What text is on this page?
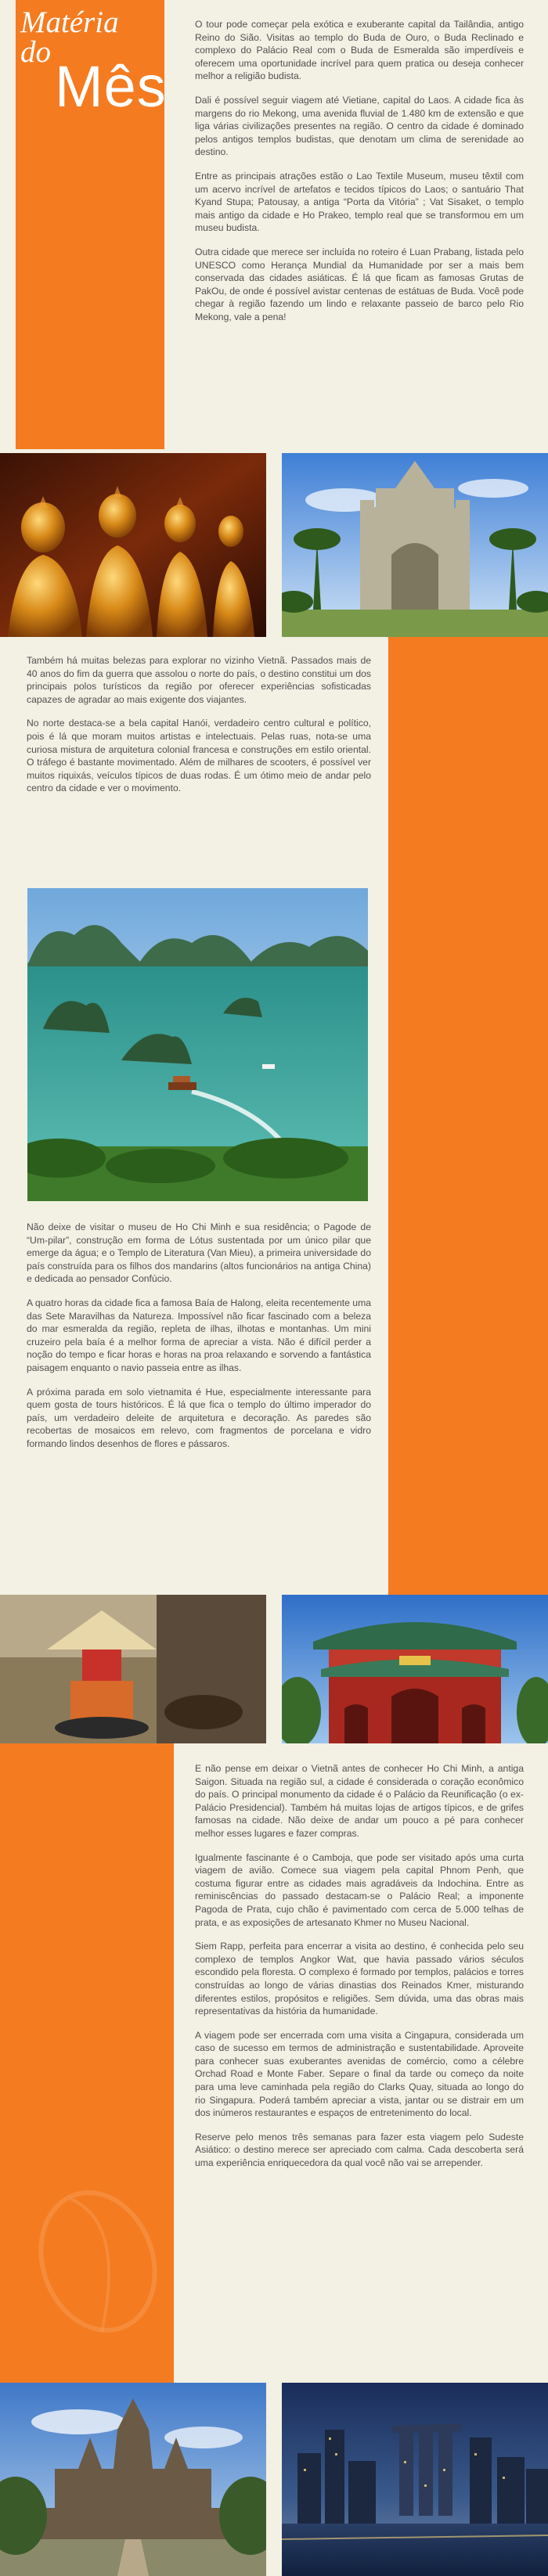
Matéria
do
Mês

O tour pode começar pela exótica e exuberante capital da Tailândia, antigo Reino do Sião. Visitas ao templo do Buda de Ouro, o Buda Reclinado e complexo do Palácio Real com o Buda de Esmeralda são imperdíveis e oferecem uma oportunidade incrível para quem pratica ou deseja conhecer melhor a religião budista.

Dali é possível seguir viagem até Vietiane, capital do Laos. A cidade fica às margens do rio Mekong, uma avenida fluvial de 1.480 km de extensão e que liga várias civilizações presentes na região. O centro da cidade é dominado pelos antigos templos budistas, que denotam um clima de serenidade ao destino.

Entre as principais atrações estão o Lao Textile Museum, museu têxtil com um acervo incrível de artefatos e tecidos típicos do Laos; o santuário That Kyand Stupa; Patousay, a antiga “Porta da Vitória” ; Vat Sisaket, o templo mais antigo da cidade e Ho Prakeo, templo real que se transformou em um museu budista.

Outra cidade que merece ser incluída no roteiro é Luan Prabang, listada pelo UNESCO como Herança Mundial da Humanidade por ser a mais bem conservada das cidades asiáticas. É lá que ficam as famosas Grutas de PakOu, de onde é possível avistar centenas de estátuas de Buda. Você pode chegar à região fazendo um lindo e relaxante passeio de barco pelo Rio Mekong, vale a pena!

Também há muitas belezas para explorar no vizinho Vietnã. Passados mais de 40 anos do fim da guerra que assolou o norte do país, o destino constitui um dos principais polos turísticos da região por oferecer experiências sofisticadas capazes de agradar ao mais exigente dos viajantes.

No norte destaca-se a bela capital Hanói, verdadeiro centro cultural e político, pois é lá que moram muitos artistas e intelectuais. Pelas ruas, nota-se uma curiosa mistura de arquitetura colonial francesa e construções em estilo oriental. O tráfego é bastante movimentado. Além de milhares de scooters, é possível ver muitos riquixás, veículos típicos de duas rodas. É um ótimo meio de andar pelo centro da cidade e ver o movimento.

Não deixe de visitar o museu de Ho Chi Minh e sua residência; o Pagode de “Um-pilar”, construção em forma de Lótus sustentada por um único pilar que emerge da água; e o Templo de Literatura (Van Mieu), a primeira universidade do país construída para os filhos dos mandarins (altos funcionários na antiga China) e dedicada ao pensador Confúcio.

A quatro horas da cidade fica a famosa Baía de Halong, eleita recentemente uma das Sete Maravilhas da Natureza. Impossível não ficar fascinado com a beleza do mar esmeralda da região, repleta de ilhas, ilhotas e montanhas. Um mini cruzeiro pela baía é a melhor forma de apreciar a vista. Não é difícil perder a noção do tempo e ficar horas e horas na proa relaxando e sorvendo a fantástica paisagem enquanto o navio passeia entre as ilhas.

A próxima parada em solo vietnamita é Hue, especialmente interessante para quem gosta de tours históricos. É lá que fica o templo do último imperador do país, um verdadeiro deleite de arquitetura e decoração. As paredes são recobertas de mosaicos em relevo, com fragmentos de porcelana e vidro formando lindos desenhos de flores e pássaros.

E não pense em deixar o Vietnã antes de conhecer Ho Chi Minh, a antiga Saigon. Situada na região sul, a cidade é considerada o coração econômico do país. O principal monumento da cidade é o Palácio da Reunificação (o ex-Palácio Presidencial). Também há muitas lojas de artigos típicos, e de grifes famosas na cidade. Não deixe de andar um pouco a pé para conhecer melhor esses lugares e fazer compras.

Igualmente fascinante é o Camboja, que pode ser visitado após uma curta viagem de avião. Comece sua viagem pela capital Phnom Penh, que costuma figurar entre as cidades mais agradáveis da Indochina. Entre as reminiscências do passado destacam-se o Palácio Real; a imponente Pagoda de Prata, cujo chão é pavimentado com cerca de 5.000 telhas de prata, e as exposições de artesanato Khmer no Museu Nacional.

Siem Rapp, perfeita para encerrar a visita ao destino, é conhecida pelo seu complexo de templos Angkor Wat, que havia passado vários séculos escondido pela floresta. O complexo é formado por templos, palácios e torres construídas ao longo de várias dinastias dos Reinados Kmer, misturando diferentes estilos, propósitos e religiões. Sem dúvida, uma das obras mais representativas da história da humanidade.

A viagem pode ser encerrada com uma visita a Cingapura, considerada um caso de sucesso em termos de administração e sustentabilidade. Aproveite para conhecer suas exuberantes avenidas de comércio, como a célebre Orchad Road e Monte Faber. Separe o final da tarde ou começo da noite para uma leve caminhada pela região do Clarks Quay, situada ao longo do rio Singapura. Poderá também apreciar a vista, jantar ou se distrair em um dos inúmeros restaurantes e espaços de entretenimento do local.

Reserve pelo menos três semanas para fazer esta viagem pelo Sudeste Asiático: o destino merece ser apreciado com calma. Cada descoberta será uma experiência enriquecedora da qual você não vai se arrepender.
